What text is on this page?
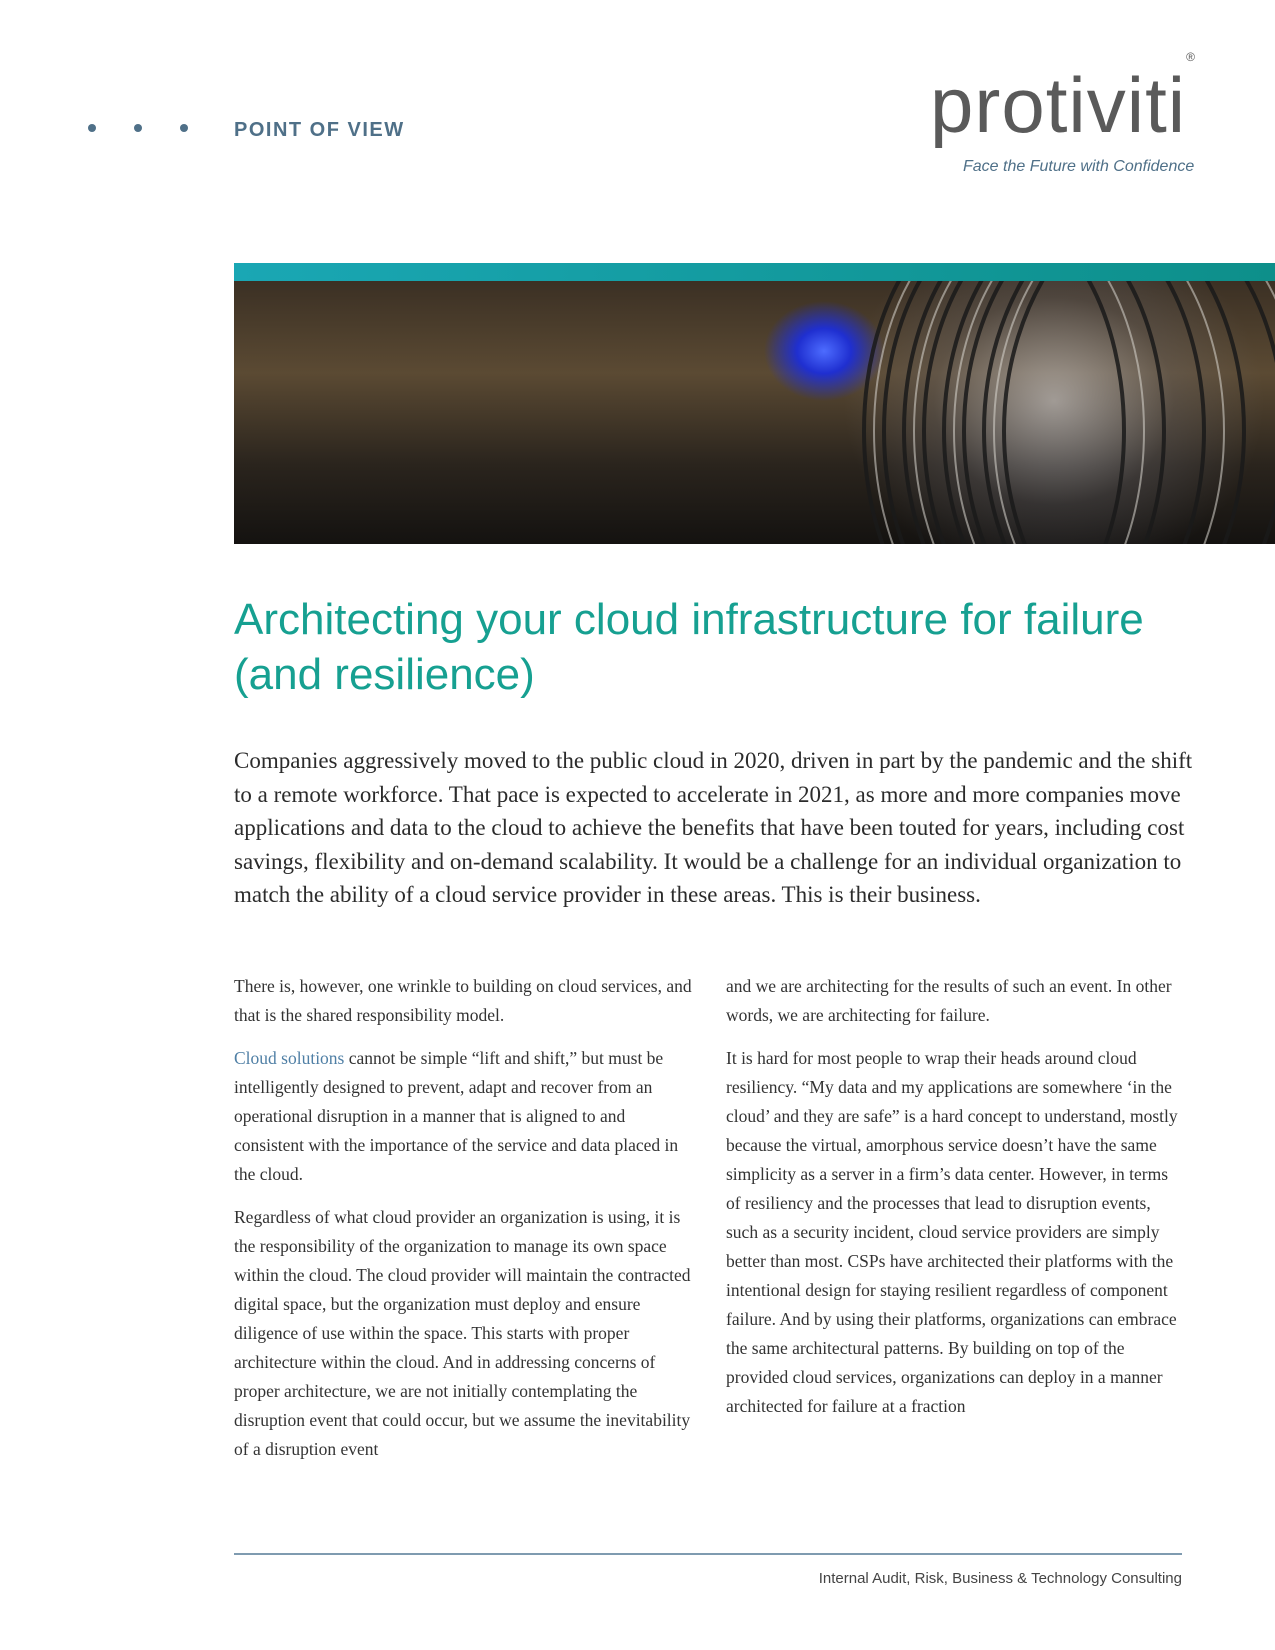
POINT OF VIEW	protiviti®
Face the Future with Confidence
Architecting your cloud infrastructure for failure
(and resilience)

Companies aggressively moved to the public cloud in 2020, driven in part by the pandemic and the shift to a remote workforce. That pace is expected to accelerate in 2021, as more and more companies move applications and data to the cloud to achieve the benefits that have been touted for years, including cost savings, flexibility and on-demand scalability. It would be a challenge for an individual organization to match the ability of a cloud service provider in these areas. This is their business.

There is, however, one wrinkle to building on cloud services, and that is the shared responsibility model.

Cloud solutions cannot be simple “lift and shift,” but must be intelligently designed to prevent, adapt and recover from an operational disruption in a manner that is aligned to and consistent with the importance of the service and data placed in the cloud.

Regardless of what cloud provider an organization is using, it is the responsibility of the organization to manage its own space within the cloud. The cloud provider will maintain the contracted digital space, but the organization must deploy and ensure diligence of use within the space. This starts with proper architecture within the cloud. And in addressing concerns of proper architecture, we are not initially contemplating the disruption event that could occur, but we assume the inevitability of a disruption event

and we are architecting for the results of such an event. In other words, we are architecting for failure.

It is hard for most people to wrap their heads around cloud resiliency. “My data and my applications are somewhere ‘in the cloud’ and they are safe” is a hard concept to understand, mostly because the virtual, amorphous service doesn’t have the same simplicity as a server in a firm’s data center. However, in terms of resiliency and the processes that lead to disruption events, such as a security incident, cloud service providers are simply better than most. CSPs have architected their platforms with the intentional design for staying resilient regardless of component failure. And by using their platforms, organizations can embrace the same architectural patterns. By building on top of the provided cloud services, organizations can deploy in a manner architected for failure at a fraction

Internal Audit, Risk, Business & Technology Consulting
